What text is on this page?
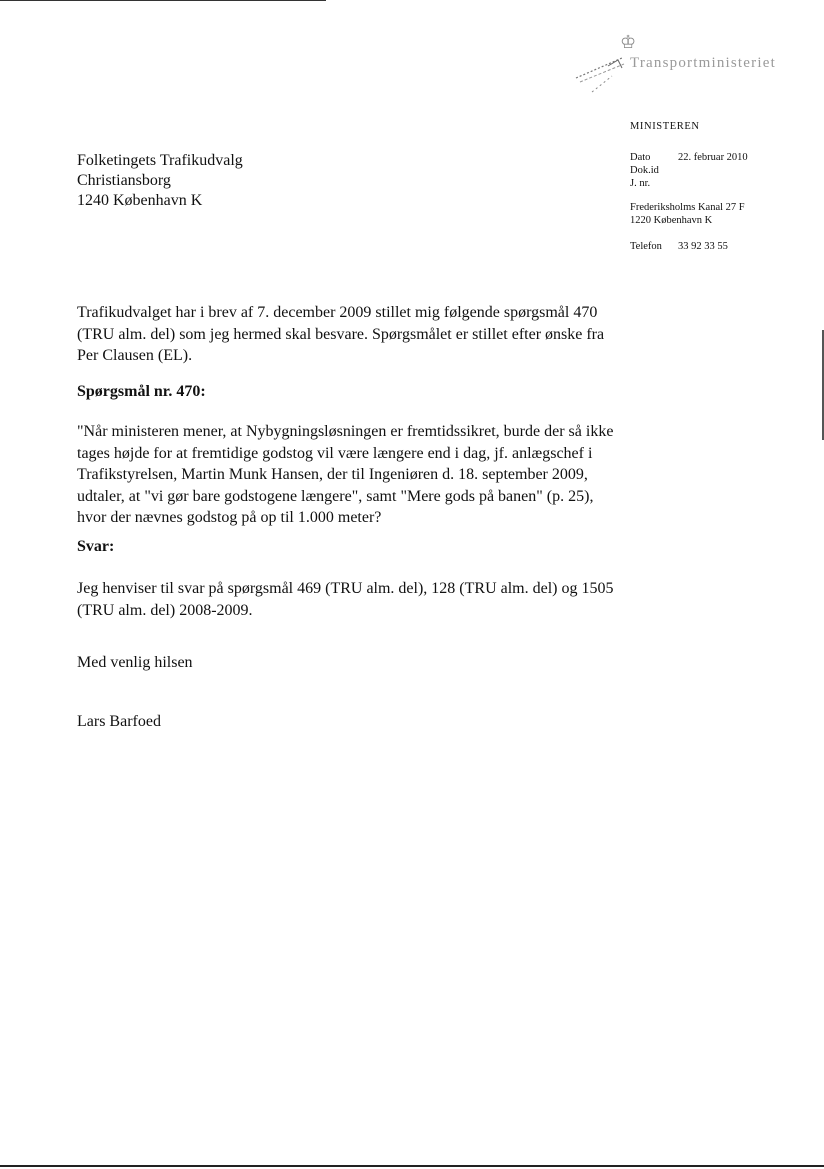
♔
Transportministeriet
MINISTEREN
Dato	22. februar 2010
Dok.id
J. nr.
Frederiksholms Kanal 27 F
1220 København K
Telefon 33 92 33 55
Folketingets Trafikudvalg
Christiansborg
1240 København K

Trafikudvalget har i brev af 7. december 2009 stillet mig følgende spørgsmål 470 (TRU alm. del) som jeg hermed skal besvare. Spørgsmålet er stillet efter ønske fra Per Clausen (EL).

Spørgsmål nr. 470:

"Når ministeren mener, at Nybygningsløsningen er fremtidssikret, burde der så ikke tages højde for at fremtidige godstog vil være længere end i dag, jf. anlægschef i Trafikstyrelsen, Martin Munk Hansen, der til Ingeniøren d. 18. september 2009, udtaler, at "vi gør bare godstogene længere", samt "Mere gods på banen" (p. 25), hvor der nævnes godstog på op til 1.000 meter?

Svar:

Jeg henviser til svar på spørgsmål 469 (TRU alm. del), 128 (TRU alm. del) og 1505 (TRU alm. del) 2008-2009.

Med venlig hilsen
Lars Barfoed
